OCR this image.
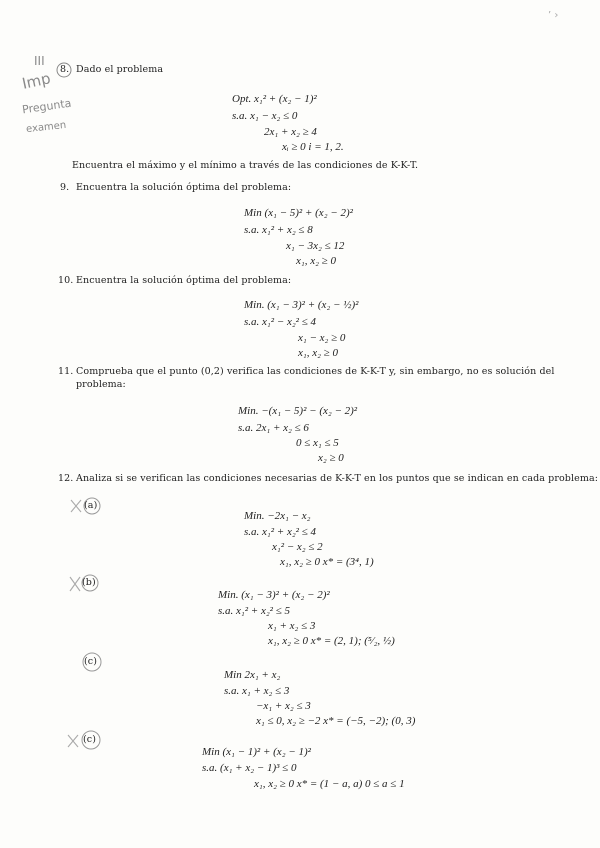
III
Imp
Pregunta
examen
’ ›
8. Dado el problema
Opt. x₁² + (x₂ − 1)²
s.a. x₁ − x₂ ≤ 0
2x₁ + x₂ ≥ 4
xᵢ ≥ 0 i = 1, 2.
Encuentra el máximo y el mínimo a través de las condiciones de K-K-T.
9. Encuentra la solución óptima del problema:
Min (x₁ − 5)² + (x₂ − 2)²
s.a. x₁² + x₂ ≤ 8
x₁ − 3x₂ ≤ 12
x₁, x₂ ≥ 0
10. Encuentra la solución óptima del problema:
Min. (x₁ − 3)² + (x₂ − ½)²
s.a. x₁² − x₂² ≤ 4
x₁ − x₂ ≥ 0
x₁, x₂ ≥ 0
11. Comprueba que el punto (0,2) verifica las condiciones de K-K-T y, sin embargo, no es solución del
problema:
Min. −(x₁ − 5)² − (x₂ − 2)²
s.a. 2x₁ + x₂ ≤ 6
0 ≤ x₁ ≤ 5
x₂ ≥ 0
12. Analiza si se verifican las condiciones necesarias de K-K-T en los puntos que se indican en cada problema:
(a)
Min. −2x₁ − x₂
s.a. x₁² + x₂² ≤ 4
x₁² − x₂ ≤ 2
x₁, x₂ ≥ 0 x* = (3⁴, 1)
(b)
Min. (x₁ − 3)² + (x₂ − 2)²
s.a. x₁² + x₂² ≤ 5
x₁ + x₂ ≤ 3
x₁, x₂ ≥ 0 x* = (2, 1); (⁵⁄₂, ½)
(c)
Min 2x₁ + x₂
s.a. x₁ + x₂ ≤ 3
−x₁ + x₂ ≤ 3
x₁ ≤ 0, x₂ ≥ −2 x* = (−5, −2); (0, 3)
(c)
Min (x₁ − 1)² + (x₂ − 1)²
s.a. (x₁ + x₂ − 1)³ ≤ 0
x₁, x₂ ≥ 0 x* = (1 − a, a) 0 ≤ a ≤ 1
